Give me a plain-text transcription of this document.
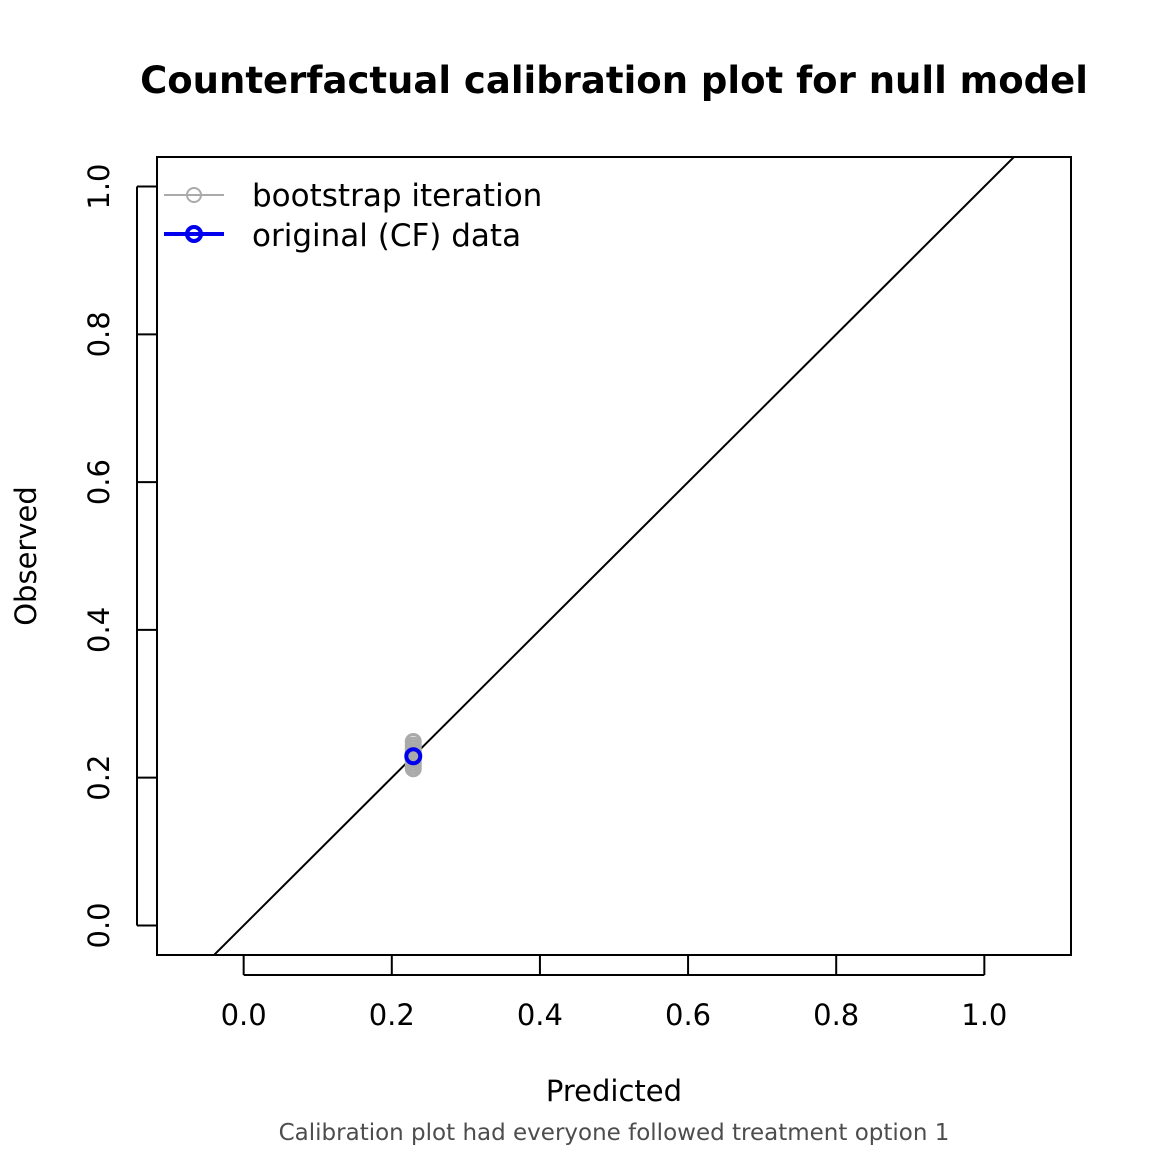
Counterfactual calibration plot for null model
0.0	0.2	0.4	0.6	0.8	1.0
0.0
0.2
0.4
0.6
0.8
1.0
Predicted
Observed
Calibration plot had everyone followed treatment option 1
bootstrap iteration
original (CF) data
